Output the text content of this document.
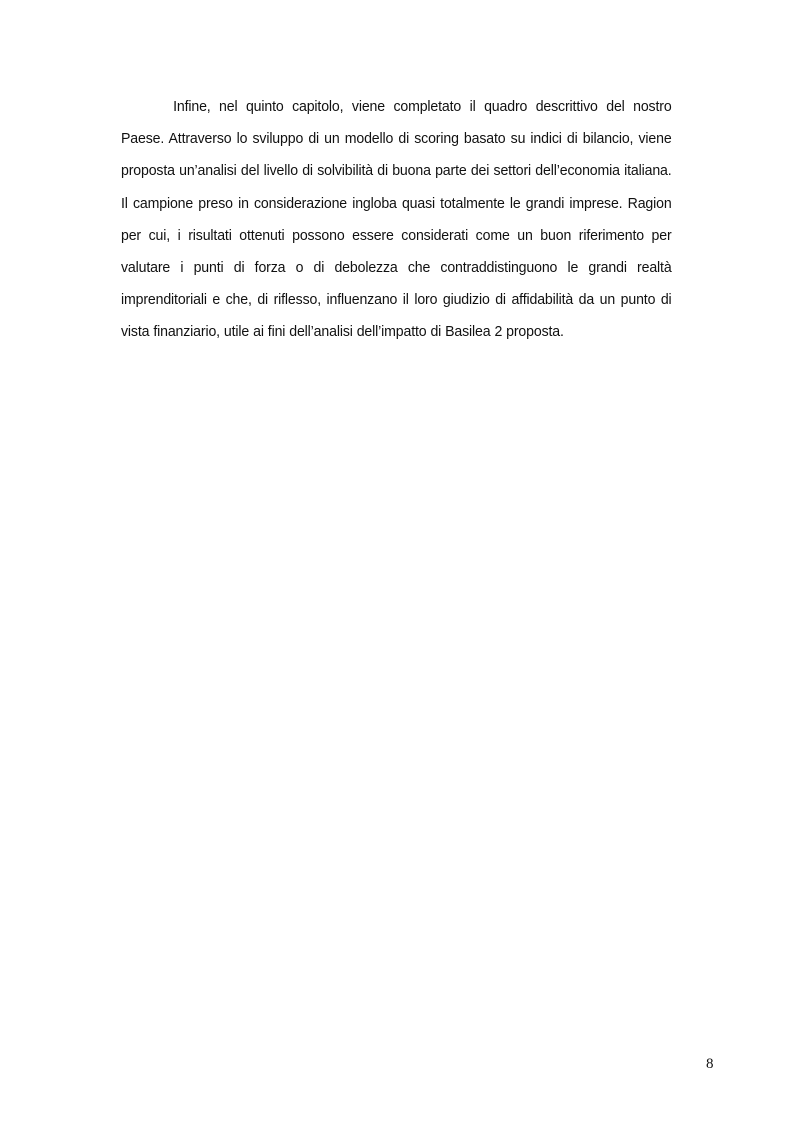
Infine, nel quinto capitolo, viene completato il quadro descrittivo del nostro Paese. Attraverso lo sviluppo di un modello di scoring basato su indici di bilancio, viene proposta un’analisi del livello di solvibilità di buona parte dei settori dell’economia italiana. Il campione preso in considerazione ingloba quasi totalmente le grandi imprese. Ragion per cui, i risultati ottenuti possono essere considerati come un buon riferimento per valutare i punti di forza o di debolezza che contraddistinguono le grandi realtà imprenditoriali e che, di riflesso, influenzano il loro giudizio di affidabilità da un punto di vista finanziario, utile ai fini dell’analisi dell’impatto di Basilea 2 proposta.

8
